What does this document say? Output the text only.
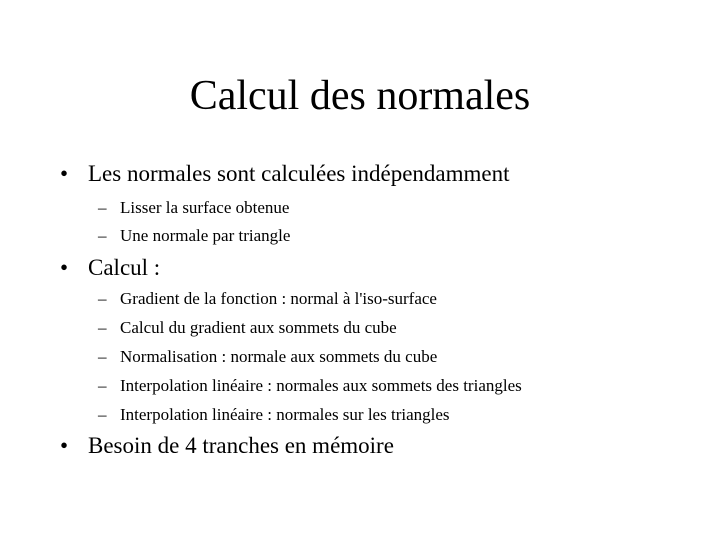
Calcul des normales
• Les normales sont calculées indépendamment
– Lisser la surface obtenue
– Une normale par triangle
• Calcul :
– Gradient de la fonction : normal à l'iso-surface
– Calcul du gradient aux sommets du cube
– Normalisation : normale aux sommets du cube
– Interpolation linéaire : normales aux sommets des triangles
– Interpolation linéaire : normales sur les triangles
• Besoin de 4 tranches en mémoire
